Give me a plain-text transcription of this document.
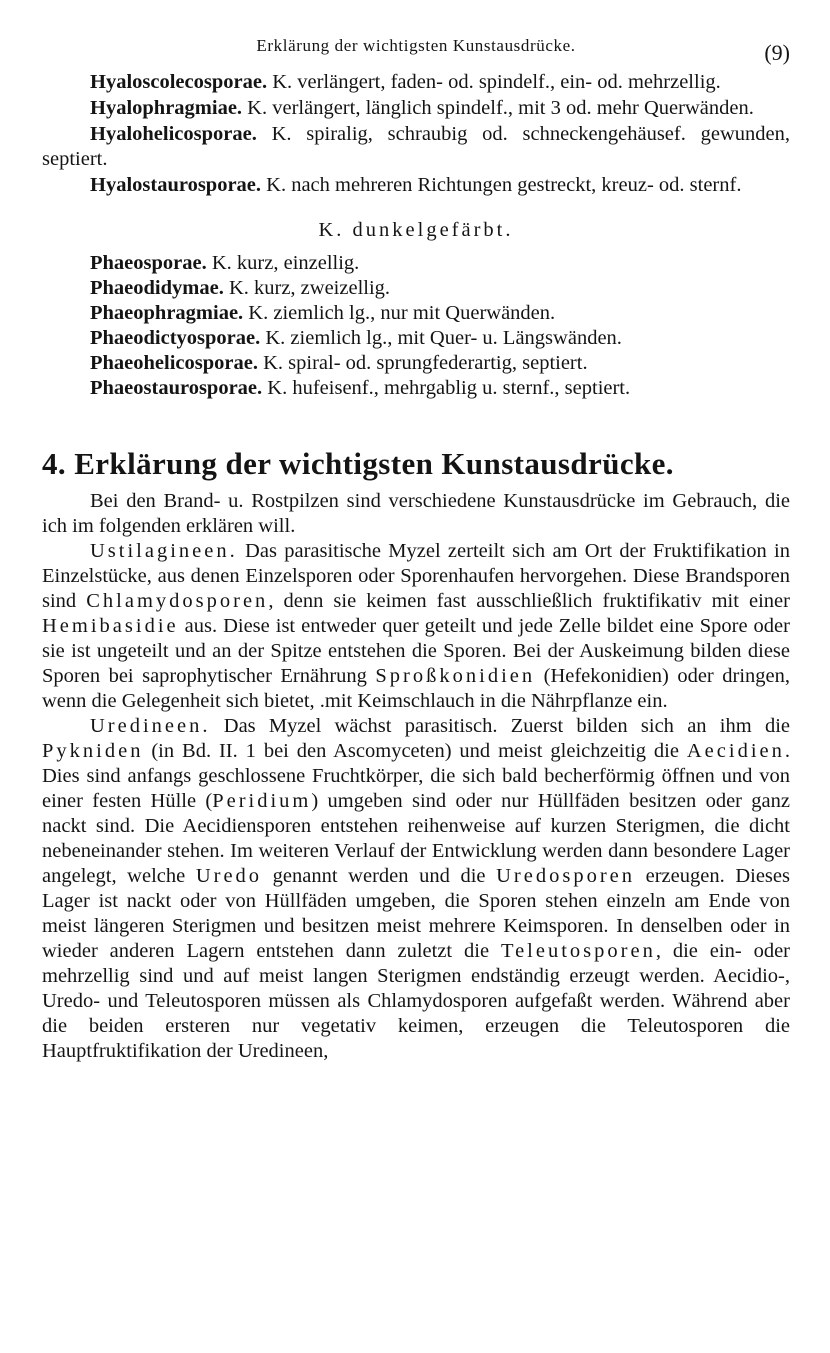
Erklärung der wichtigsten Kunstausdrücke.	(9)

Hyaloscolecosporae. K. verlängert, faden- od. spindelf., ein- od. mehrzellig.

Hyalophragmiae. K. verlängert, länglich spindelf., mit 3 od. mehr Querwänden.

Hyalohelicosporae. K. spiralig, schraubig od. schneckengehäusef. gewunden, septiert.

Hyalostaurosporae. K. nach mehreren Richtungen gestreckt, kreuz- od. sternf.

K. dunkelgefärbt.
Phaeosporae. K. kurz, einzellig.
Phaeodidymae. K. kurz, zweizellig.
Phaeophragmiae. K. ziemlich lg., nur mit Querwänden.
Phaeodictyosporae. K. ziemlich lg., mit Quer- u. Längswänden.
Phaeohelicosporae. K. spiral- od. sprungfederartig, septiert.
Phaeostaurosporae. K. hufeisenf., mehrgablig u. sternf., septiert.
4. Erklärung der wichtigsten Kunstausdrücke.

Bei den Brand- u. Rostpilzen sind verschiedene Kunstausdrücke im Gebrauch, die ich im folgenden erklären will.

Ustilagineen. Das parasitische Myzel zerteilt sich am Ort der Fruktifikation in Einzelstücke, aus denen Einzelsporen oder Sporenhaufen hervorgehen. Diese Brandsporen sind Chlamydosporen, denn sie keimen fast ausschließlich fruktifikativ mit einer Hemibasidie aus. Diese ist entweder quer geteilt und jede Zelle bildet eine Spore oder sie ist ungeteilt und an der Spitze entstehen die Sporen. Bei der Auskeimung bilden diese Sporen bei saprophytischer Ernährung Sproßkonidien (Hefekonidien) oder dringen, wenn die Gelegenheit sich bietet, .mit Keimschlauch in die Nährpflanze ein.

Uredineen. Das Myzel wächst parasitisch. Zuerst bilden sich an ihm die Pykniden (in Bd. II. 1 bei den Ascomyceten) und meist gleichzeitig die Aecidien. Dies sind anfangs geschlossene Fruchtkörper, die sich bald becherförmig öffnen und von einer festen Hülle (Peridium) umgeben sind oder nur Hüllfäden besitzen oder ganz nackt sind. Die Aecidiensporen entstehen reihenweise auf kurzen Sterigmen, die dicht nebeneinander stehen. Im weiteren Verlauf der Entwicklung werden dann besondere Lager angelegt, welche Uredo genannt werden und die Uredosporen erzeugen. Dieses Lager ist nackt oder von Hüllfäden umgeben, die Sporen stehen einzeln am Ende von meist längeren Sterigmen und besitzen meist mehrere Keimsporen. In denselben oder in wieder anderen Lagern entstehen dann zuletzt die Teleutosporen, die ein- oder mehrzellig sind und auf meist langen Sterigmen endständig erzeugt werden. Aecidio-, Uredo- und Teleutosporen müssen als Chlamydosporen aufgefaßt werden. Während aber die beiden ersteren nur vegetativ keimen, erzeugen die Teleutosporen die Hauptfruktifikation der Uredineen,
